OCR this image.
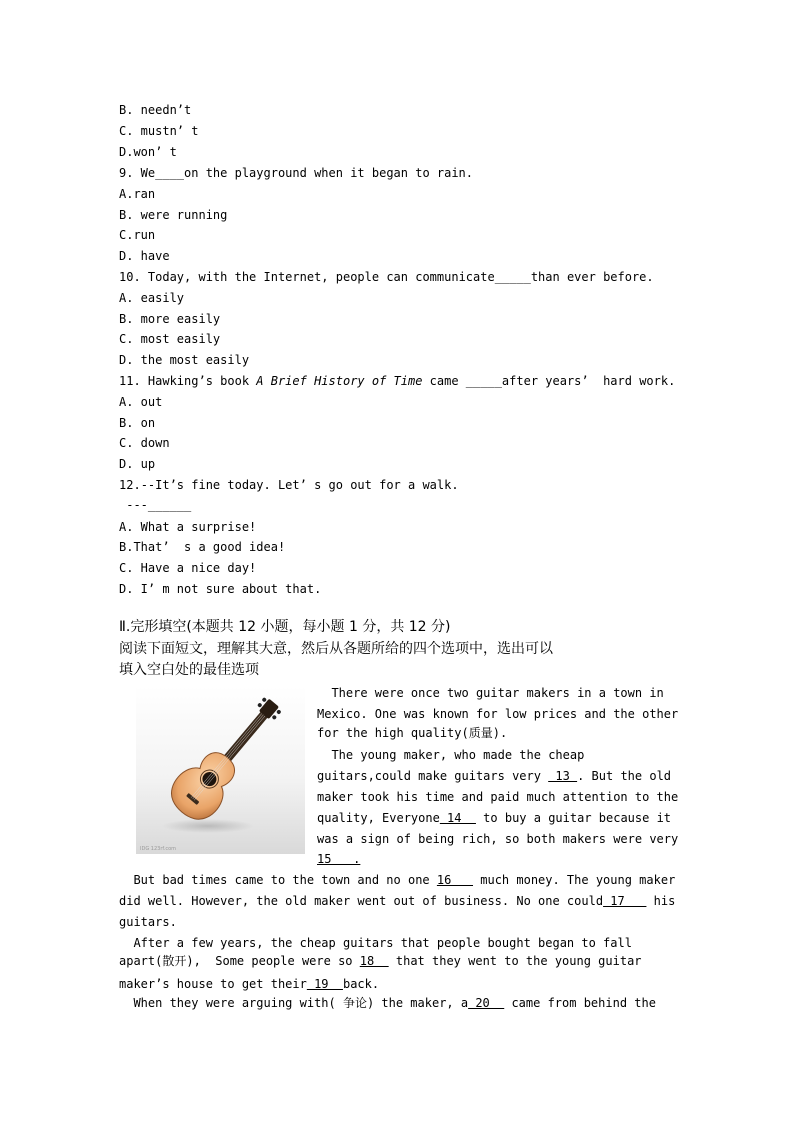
B. needn’t
C. mustn’ t
D.won’ t
9. We____on the playground when it began to rain.
A.ran
B. were running
C.run
D. have
10. Today, with the Internet, people can communicate_____than ever before.
A. easily
B. more easily
C. most easily
D. the most easily
11. Hawking’s book A Brief History of Time came _____after years’  hard work.
A. out
B. on
C. down
D. up
12.--It’s fine today. Let’ s go out for a walk.
---______
A. What a surprise!
B.That’  s a good idea!
C. Have a nice day!
D. I’ m not sure about that.
Ⅱ.完形填空(本题共 12 小题，每小题 1 分，共 12 分)
阅读下面短文，理解其大意，然后从各题所给的四个选项中，选出可以
填入空白处的最佳选项
IDG 123rf.com
There were once two guitar makers in a town in
Mexico. One was known for low prices and the other
for the high quality(质量).
The young maker, who made the cheap
guitars,could make guitars very  13 . But the old
maker took his time and paid much attention to the
quality, Everyone 14   to buy a guitar because it
was a sign of being rich, so both makers were very
15   .
But bad times came to the town and no one 16    much money. The young maker
did well. However, the old maker went out of business. No one could 17    his
guitars.
After a few years, the cheap guitars that people bought began to fall
apart(散开),  Some people were so 18   that they went to the young guitar
maker’s house to get their 19  back.
When they were arguing with( 争论) the maker, a 20   came from behind the
